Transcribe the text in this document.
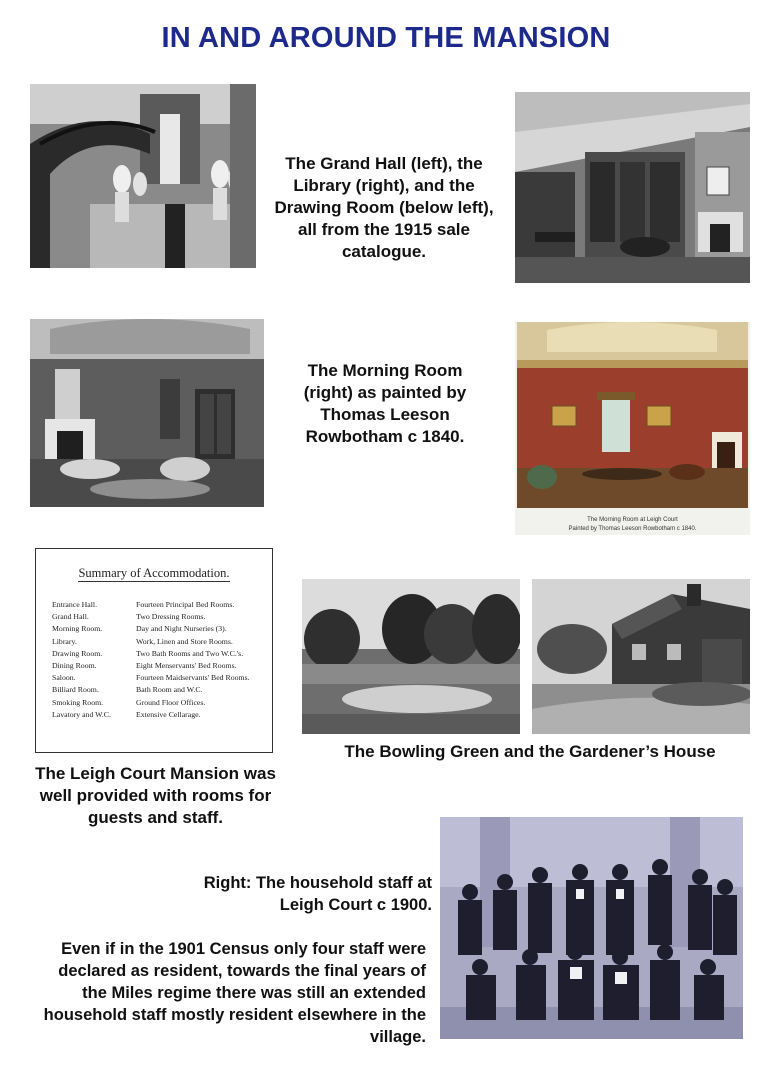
IN AND AROUND THE MANSION
The Grand Hall (left), the Library (right), and the Drawing Room (below left), all from the 1915 sale catalogue.
The Morning Room (right) as painted by Thomas Leeson Rowbotham c 1840.
The Morning Room at Leigh Court
Painted by Thomas Leeson Rowbotham c 1840.
Summary of Accommodation.
Entrance Hall.
Grand Hall.
Morning Room.
Library.
Drawing Room.
Dining Room.
Saloon.
Billiard Room.
Smoking Room.
Lavatory and W.C.
Fourteen Principal Bed Rooms.
Two Dressing Rooms.
Day and Night Nurseries (3).
Work, Linen and Store Rooms.
Two Bath Rooms and Two W.C.'s.
Eight Menservants' Bed Rooms.
Fourteen Maidservants' Bed Rooms.
Bath Room and W.C.
Ground Floor Offices.
Extensive Cellarage.
The Bowling Green and the Gardener’s House
The Leigh Court Mansion was well provided with rooms for guests and staff.
Right: The household staff at Leigh Court c 1900.
Even if in the 1901 Census only four staff were declared as resident, towards the final years of the Miles regime there was still an extended household staff mostly resident elsewhere in the village.
